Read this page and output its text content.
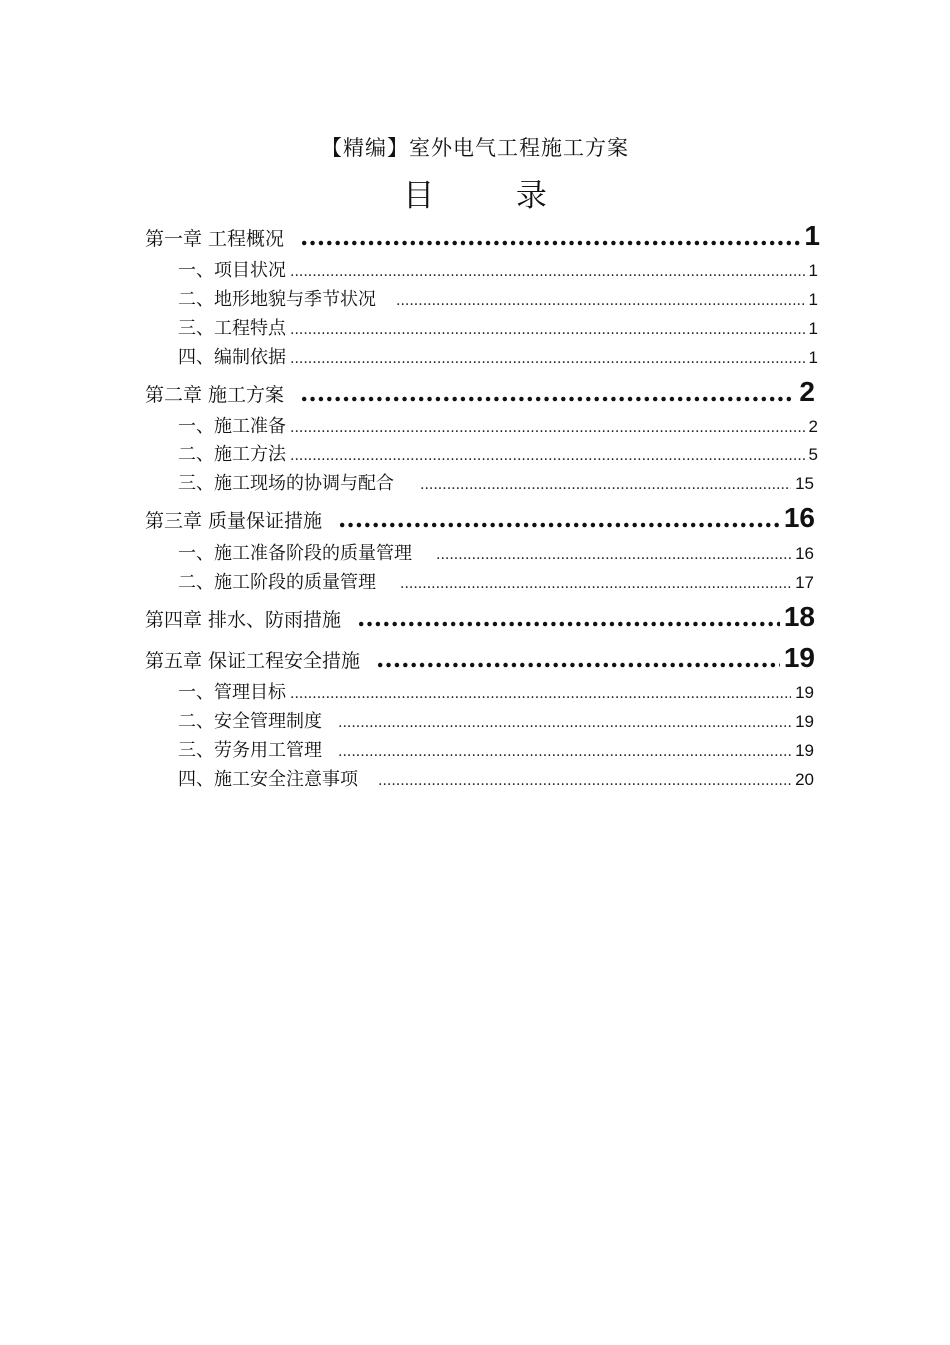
【精编】室外电气工程施工方案
目 录
第一章 工程概况 .....	1
一、项目状况 .....	1
二、地形地貌与季节状况 .....	1
三、工程特点 .....	1
四、编制依据 .....	1
第二章 施工方案 .....	2
一、施工准备 .....	2
二、施工方法 .....	5
三、施工现场的协调与配合 .....	15
第三章 质量保证措施 .....	16
一、施工准备阶段的质量管理 .....	16
二、施工阶段的质量管理 .....	17
第四章 排水、防雨措施 .....	18
第五章 保证工程安全措施 .....	19
一、管理目标 .....	19
二、安全管理制度 .....	19
三、劳务用工管理 .....	19
四、施工安全注意事项 .....	20
